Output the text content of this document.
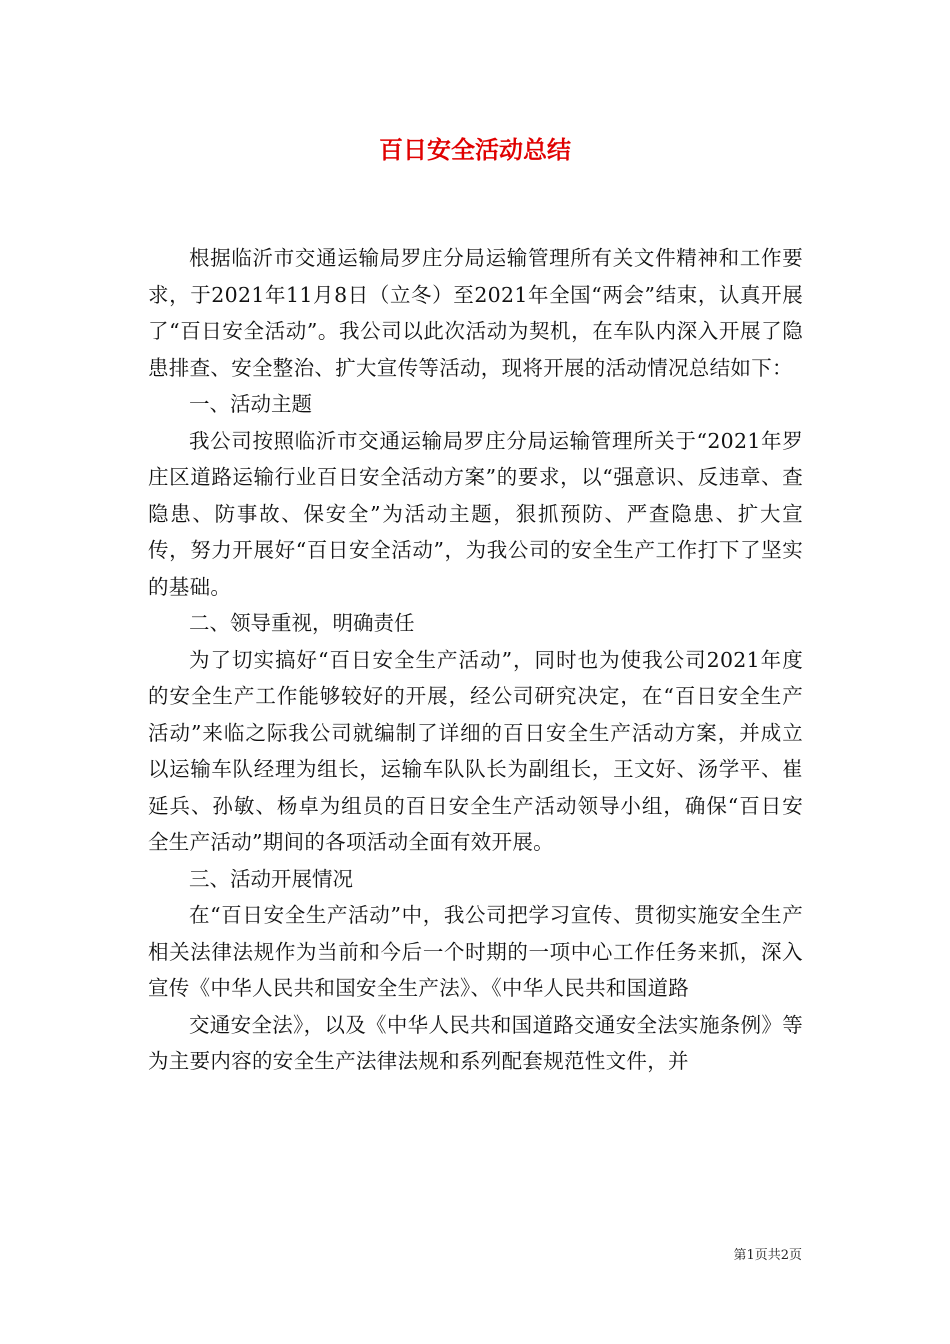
百日安全活动总结

根据临沂市交通运输局罗庄分局运输管理所有关文件精神和工作要求，于2021年11月8日（立冬）至2021年全国“两会”结束，认真开展了“百日安全活动”。我公司以此次活动为契机，在车队内深入开展了隐患排查、安全整治、扩大宣传等活动，现将开展的活动情况总结如下：

一、活动主题

我公司按照临沂市交通运输局罗庄分局运输管理所关于“2021年罗庄区道路运输行业百日安全活动方案”的要求，以“强意识、反违章、查隐患、防事故、保安全”为活动主题，狠抓预防、严查隐患、扩大宣传，努力开展好“百日安全活动”，为我公司的安全生产工作打下了坚实的基础。

二、领导重视，明确责任

为了切实搞好“百日安全生产活动”，同时也为使我公司2021年度的安全生产工作能够较好的开展，经公司研究决定，在“百日安全生产活动”来临之际我公司就编制了详细的百日安全生产活动方案，并成立以运输车队经理为组长，运输车队队长为副组长，王文好、汤学平、崔延兵、孙敏、杨卓为组员的百日安全生产活动领导小组，确保“百日安全生产活动”期间的各项活动全面有效开展。

三、活动开展情况

在“百日安全生产活动”中，我公司把学习宣传、贯彻实施安全生产相关法律法规作为当前和今后一个时期的一项中心工作任务来抓，深入宣传《中华人民共和国安全生产法》、《中华人民共和国道路

交通安全法》，以及《中华人民共和国道路交通安全法实施条例》等为主要内容的安全生产法律法规和系列配套规范性文件，并

第1页共2页
